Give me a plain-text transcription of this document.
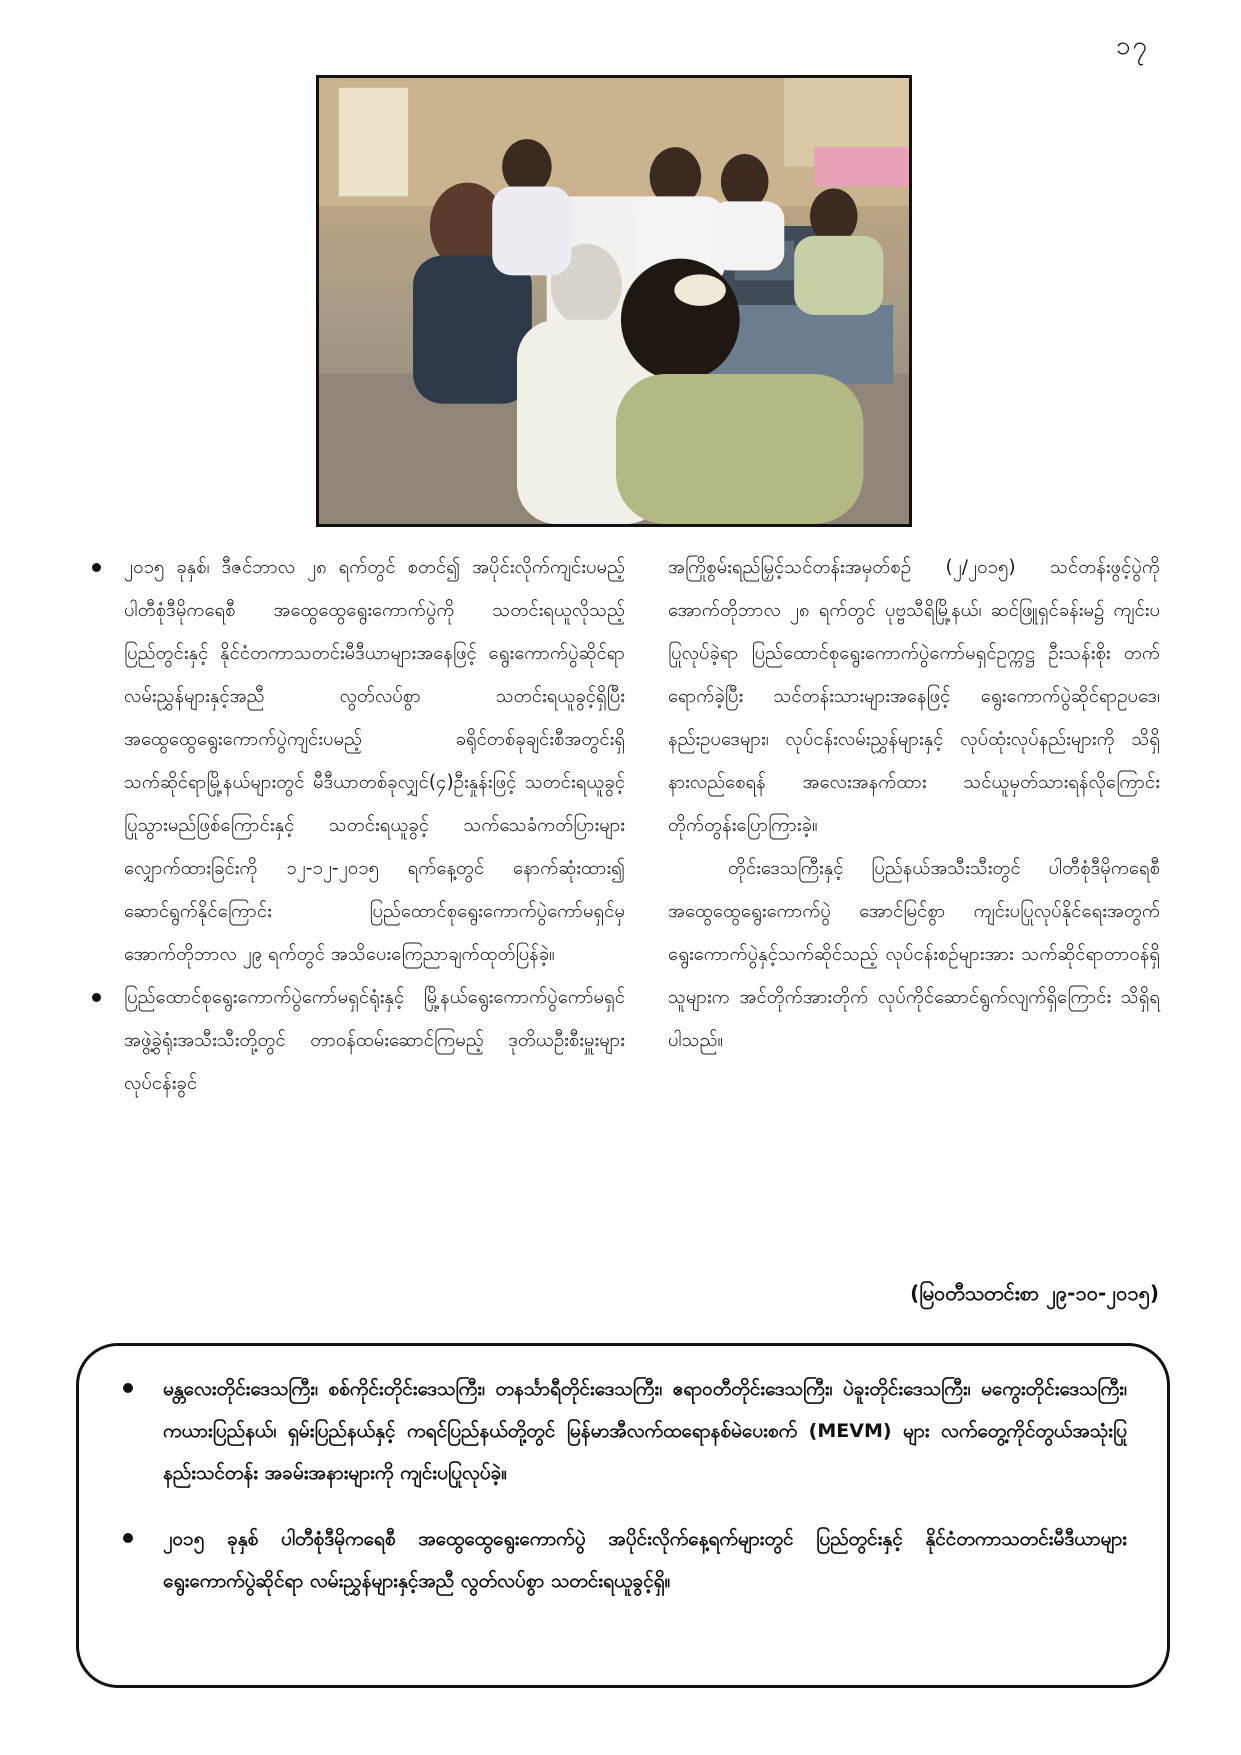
၁၇

၂၀၁၅ ခုနှစ်၊ ဒီဇင်ဘာလ ၂၈ ရက်တွင် စတင်၍ အပိုင်းလိုက်ကျင်းပမည့် ပါတီစုံဒီမိုကရေစီ အထွေထွေရွေးကောက်ပွဲကို သတင်းရယူလိုသည့် ပြည်တွင်းနှင့် နိုင်ငံတကာသတင်းမီဒီယာများအနေဖြင့် ရွေးကောက်ပွဲဆိုင်ရာလမ်းညွှန်များနှင့်အညီ လွတ်လပ်စွာ သတင်းရယူခွင့်ရှိပြီး အထွေထွေရွေးကောက်ပွဲကျင်းပမည့် ခရိုင်တစ်ခုချင်းစီအတွင်းရှိ သက်ဆိုင်ရာမြို့နယ်များတွင် မီဒီယာတစ်ခုလျှင်(၄)ဦးနှုန်းဖြင့် သတင်းရယူခွင့်ပြုသွားမည်ဖြစ်ကြောင်းနှင့် သတင်းရယူခွင့် သက်သေခံကတ်ပြားများလျှောက်ထားခြင်းကို ၁၂-၁၂-၂၀၁၅ ရက်နေ့တွင် နောက်ဆုံးထား၍ ဆောင်ရွက်နိုင်ကြောင်း ပြည်ထောင်စုရွေးကောက်ပွဲကော်မရှင်မှ အောက်တိုဘာလ ၂၉ ရက်တွင် အသိပေးကြေညာချက်ထုတ်ပြန်ခဲ့။

ပြည်ထောင်စုရွေးကောက်ပွဲကော်မရှင်ရုံးနှင့် မြို့နယ်ရွေးကောက်ပွဲကော်မရှင်အဖွဲ့ခွဲရုံးအသီးသီးတို့တွင် တာဝန်ထမ်းဆောင်ကြမည့် ဒုတိယဦးစီးမှူးများ လုပ်ငန်းခွင်

အကြိုစွမ်းရည်မြှင့်သင်တန်းအမှတ်စဉ် (၂/၂၀၁၅) သင်တန်းဖွင့်ပွဲကို အောက်တိုဘာလ ၂၈ ရက်တွင် ပုဗ္ဗသီရိမြို့နယ်၊ ဆင်ဖြူရှင်ခန်းမ၌ ကျင်းပပြုလုပ်ခဲ့ရာ ပြည်ထောင်စုရွေးကောက်ပွဲကော်မရှင်ဥက္ကဋ္ဌ ဦးသန်းစိုး တက်ရောက်ခဲ့ပြီး သင်တန်းသားများအနေဖြင့် ရွေးကောက်ပွဲဆိုင်ရာဥပဒေ၊ နည်းဥပဒေများ၊ လုပ်ငန်းလမ်းညွှန်များနှင့် လုပ်ထုံးလုပ်နည်းများကို သိရှိနားလည်စေရန် အလေးအနက်ထား သင်ယူမှတ်သားရန်လိုကြောင်း တိုက်တွန်းပြောကြားခဲ့။

တိုင်းဒေသကြီးနှင့် ပြည်နယ်အသီးသီးတွင် ပါတီစုံဒီမိုကရေစီအထွေထွေရွေးကောက်ပွဲ အောင်မြင်စွာ ကျင်းပပြုလုပ်နိုင်ရေးအတွက် ရွေးကောက်ပွဲနှင့်သက်ဆိုင်သည့် လုပ်ငန်းစဉ်များအား သက်ဆိုင်ရာတာဝန်ရှိသူများက အင်တိုက်အားတိုက် လုပ်ကိုင်ဆောင်ရွက်လျက်ရှိကြောင်း သိရှိရပါသည်။

(မြဝတီသတင်းစာ ၂၉-၁၀-၂၀၁၅)
မန္တလေးတိုင်းဒေသကြီး၊ စစ်ကိုင်းတိုင်းဒေသကြီး၊ တနင်္သာရီတိုင်းဒေသကြီး၊ ဧရာဝတီတိုင်းဒေသကြီး၊ ပဲခူးတိုင်းဒေသကြီး၊ မကွေးတိုင်းဒေသကြီး၊ ကယားပြည်နယ်၊ ရှမ်းပြည်နယ်နှင့် ကရင်ပြည်နယ်တို့တွင် မြန်မာအီလက်ထရောနစ်မဲပေးစက် (MEVM) များ လက်တွေ့ကိုင်တွယ်အသုံးပြုနည်းသင်တန်း အခမ်းအနားများကို ကျင်းပပြုလုပ်ခဲ့။
၂၀၁၅ ခုနှစ် ပါတီစုံဒီမိုကရေစီ အထွေထွေရွေးကောက်ပွဲ အပိုင်းလိုက်နေ့ရက်များတွင် ပြည်တွင်းနှင့် နိုင်ငံတကာသတင်းမီဒီယာများ ရွေးကောက်ပွဲဆိုင်ရာ လမ်းညွှန်များနှင့်အညီ လွတ်လပ်စွာ သတင်းရယူခွင့်ရှိ။
